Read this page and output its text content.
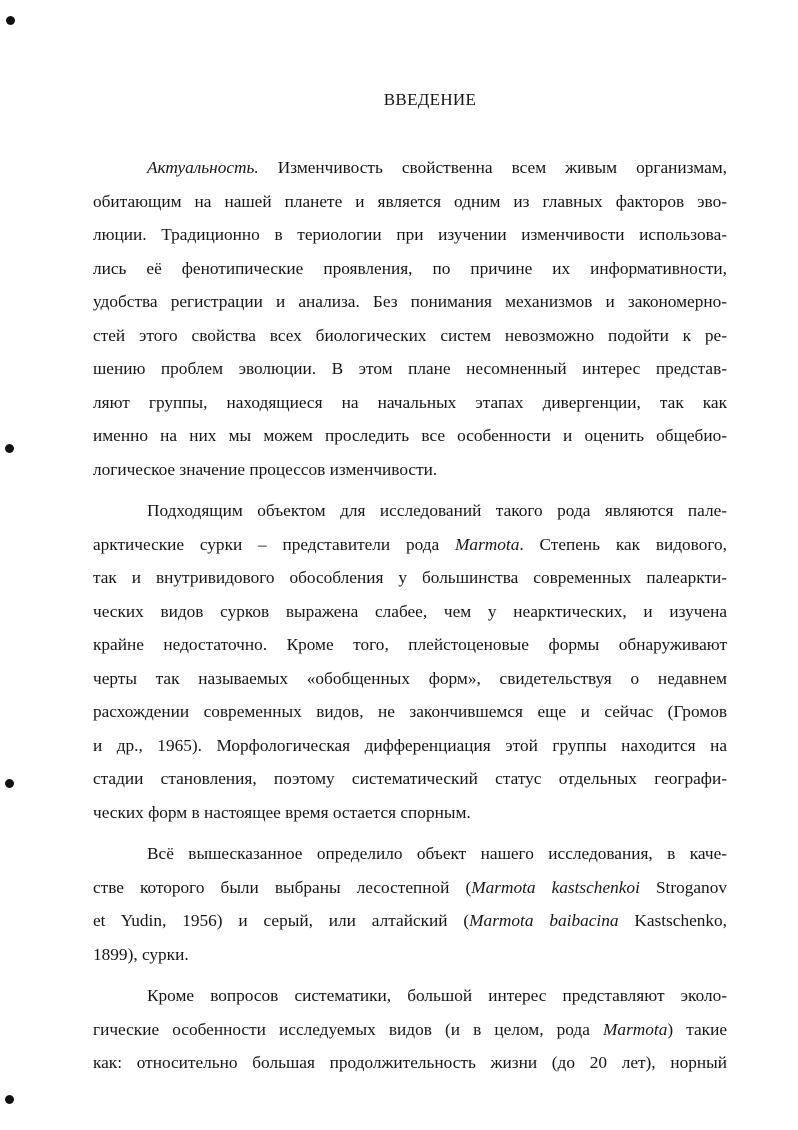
ВВЕДЕНИЕ
Актуальность. Изменчивость свойственна всем живым организмам,
обитающим на нашей планете и является одним из главных факторов эво-
люции. Традиционно в териологии при изучении изменчивости использова-
лись её фенотипические проявления, по причине их информативности,
удобства регистрации и анализа. Без понимания механизмов и закономерно-
стей этого свойства всех биологических систем невозможно подойти к ре-
шению проблем эволюции. В этом плане несомненный интерес представ-
ляют группы, находящиеся на начальных этапах дивергенции, так как
именно на них мы можем проследить все особенности и оценить общебио-
логическое значение процессов изменчивости.
Подходящим объектом для исследований такого рода являются пале-
арктические сурки – представители рода Marmota. Степень как видового,
так и внутривидового обособления у большинства современных палеаркти-
ческих видов сурков выражена слабее, чем у неарктических, и изучена
крайне недостаточно. Кроме того, плейстоценовые формы обнаруживают
черты так называемых «обобщенных форм», свидетельствуя о недавнем
расхождении современных видов, не закончившемся еще и сейчас (Громов
и др., 1965). Морфологическая дифференциация этой группы находится на
стадии становления, поэтому систематический статус отдельных географи-
ческих форм в настоящее время остается спорным.
Всё вышесказанное определило объект нашего исследования, в каче-
стве которого были выбраны лесостепной (Marmota kastschenkoi Stroganov
et Yudin, 1956) и серый, или алтайский (Marmota baibacina Kastschenko,
1899), сурки.
Кроме вопросов систематики, большой интерес представляют эколо-
гические особенности исследуемых видов (и в целом, рода Marmota) такие
как: относительно большая продолжительность жизни (до 20 лет), норный
